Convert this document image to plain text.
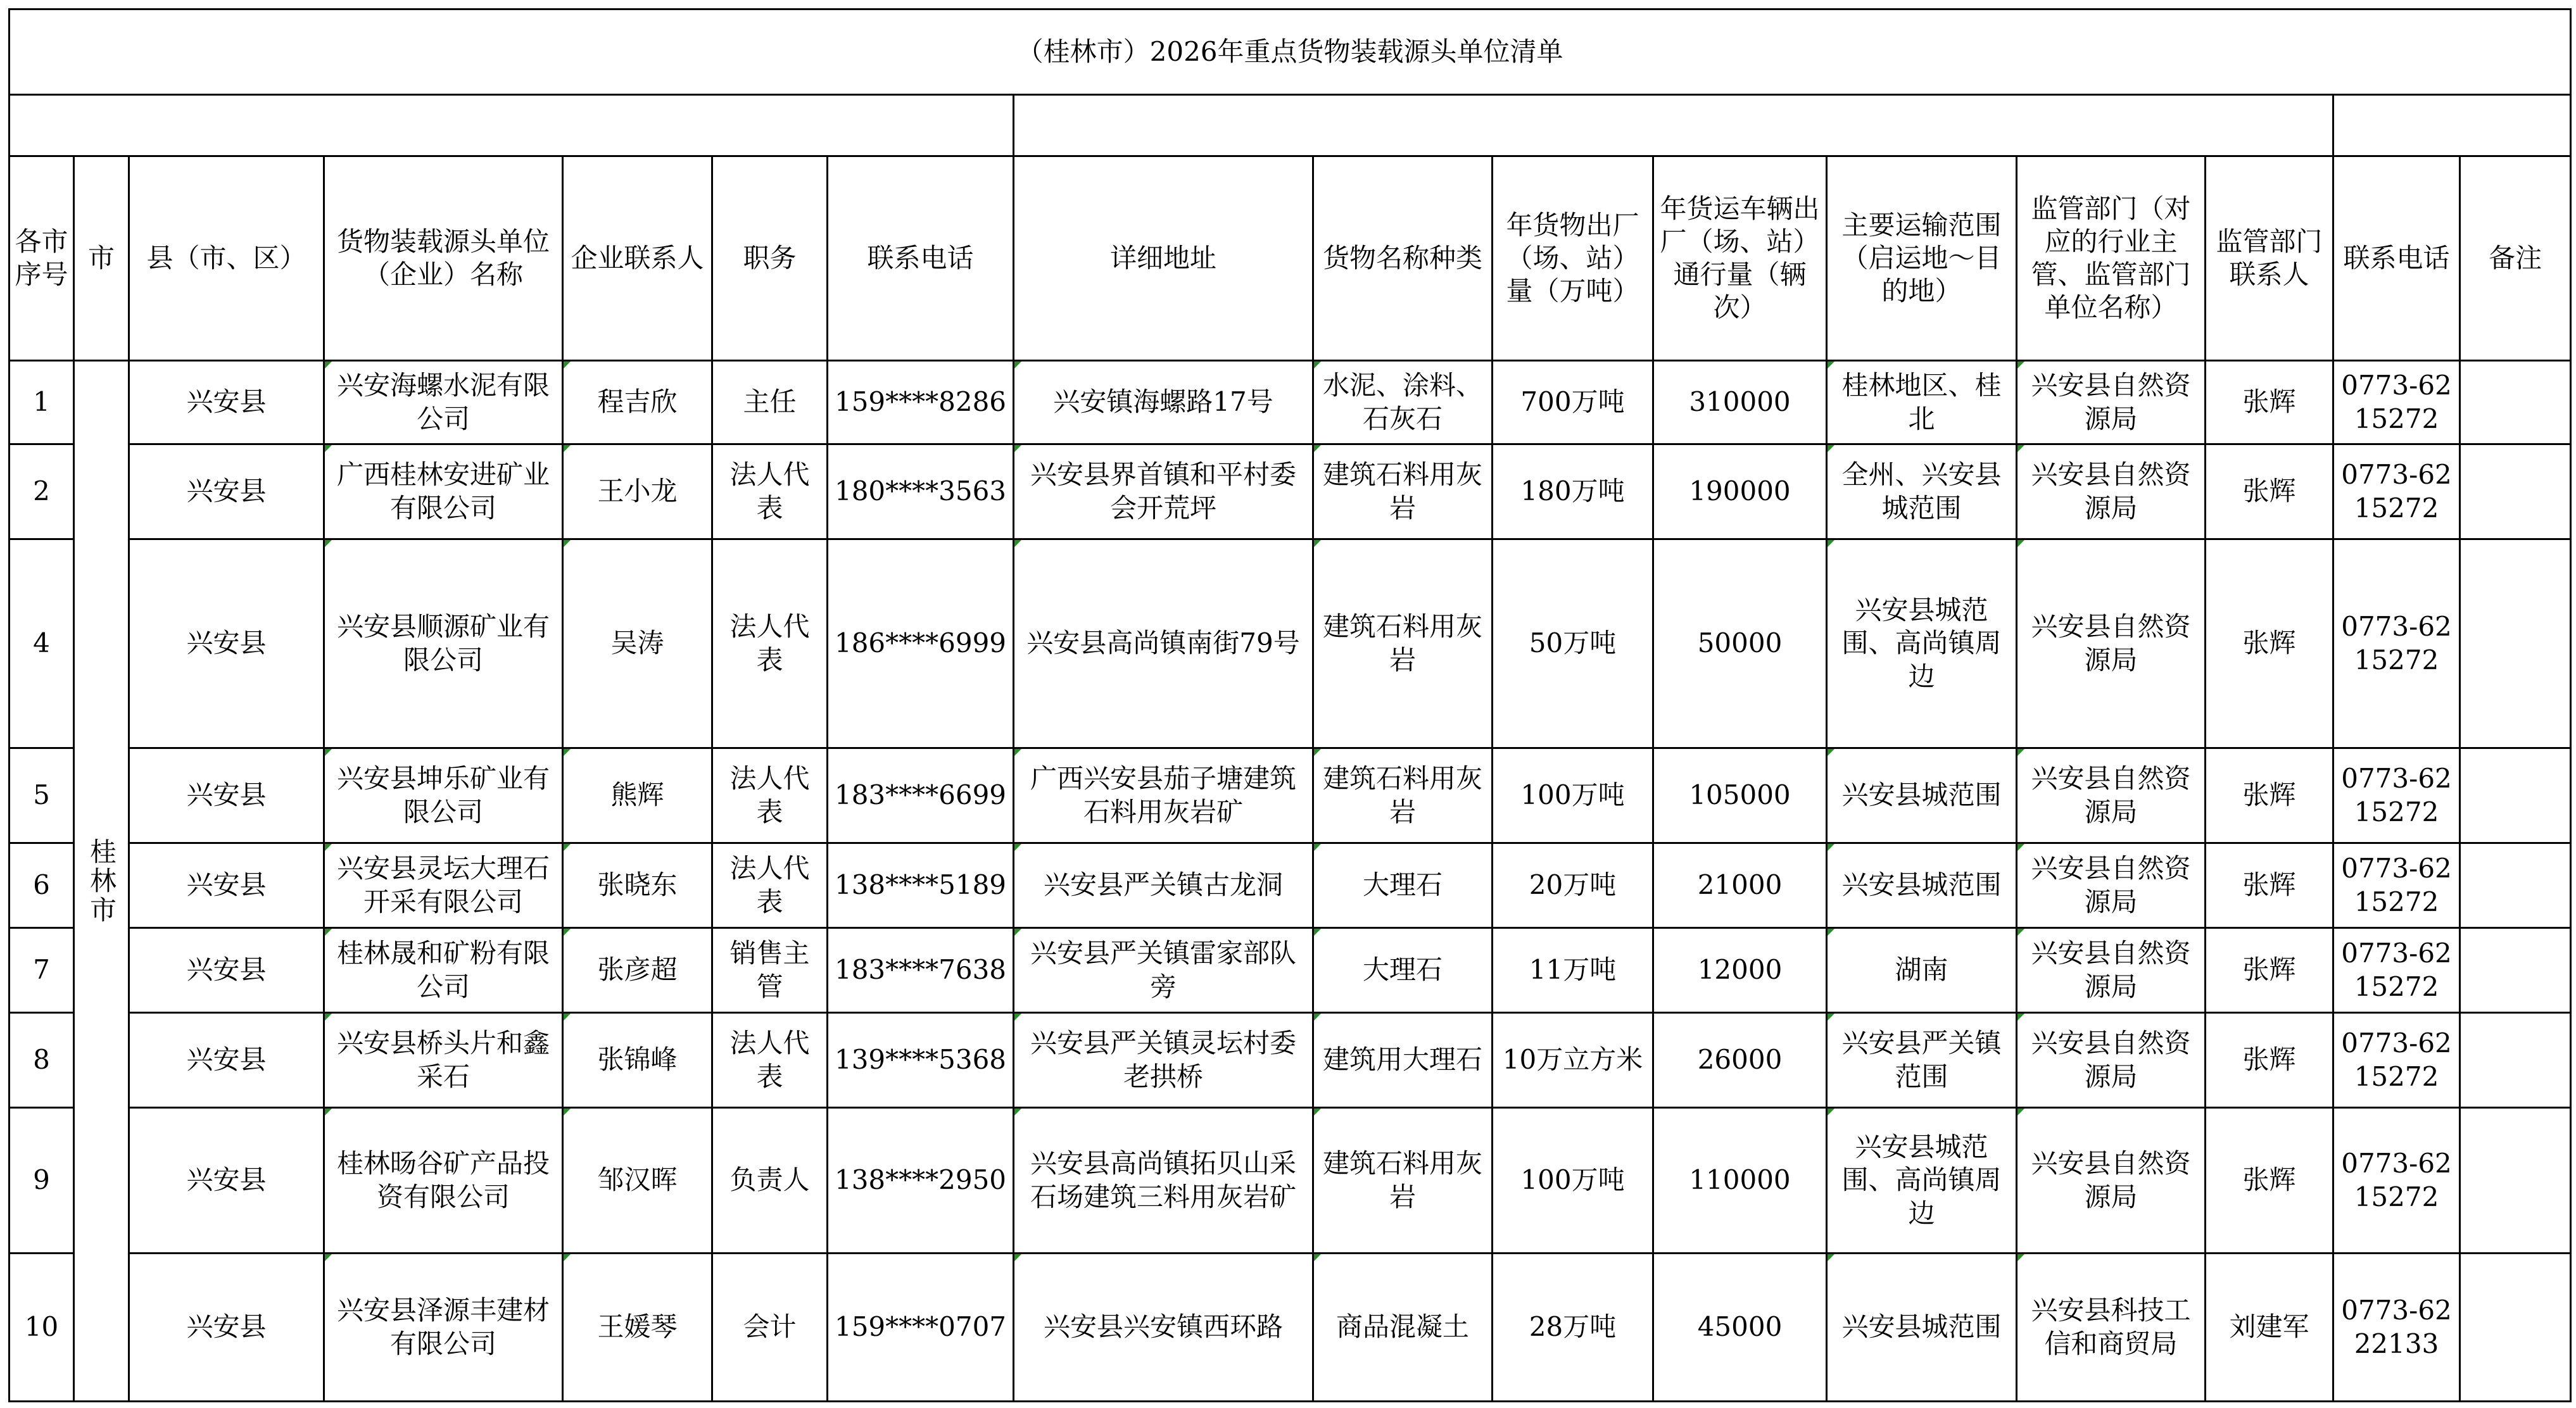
（桂林市）2026年重点货物装载源头单位清单															

各市序号	市	县（市、区）	货物装载源头单位（企业）名称	企业联系人	职务	联系电话	详细地址	货物名称种类	年货物出厂（场、站）量（万吨）	年货运车辆出厂（场、站）通行量（辆次）	主要运输范围（启运地～目的地）	监管部门（对应的行业主管、监管部门单位名称）	监管部门联系人	联系电话	备注
1	桂林市	兴安县	兴安海螺水泥有限公司	程吉欣	主任	159****8286	兴安镇海螺路17号	水泥、涂料、石灰石	700万吨	310000	桂林地区、桂北	兴安县自然资源局	张辉	0773-6215272	
2		兴安县	广西桂林安进矿业有限公司	王小龙	法人代表	180****3563	兴安县界首镇和平村委会开荒坪	建筑石料用灰岩	180万吨	190000	全州、兴安县城范围	兴安县自然资源局	张辉	0773-6215272	
4		兴安县	兴安县顺源矿业有限公司	吴涛	法人代表	186****6999	兴安县高尚镇南街79号	建筑石料用灰岩	50万吨	50000	兴安县城范围、高尚镇周边	兴安县自然资源局	张辉	0773-6215272	
5		兴安县	兴安县坤乐矿业有限公司	熊辉	法人代表	183****6699	广西兴安县茄子塘建筑石料用灰岩矿	建筑石料用灰岩	100万吨	105000	兴安县城范围	兴安县自然资源局	张辉	0773-6215272	
6		兴安县	兴安县灵坛大理石开采有限公司	张晓东	法人代表	138****5189	兴安县严关镇古龙洞	大理石	20万吨	21000	兴安县城范围	兴安县自然资源局	张辉	0773-6215272	
7		兴安县	桂林晟和矿粉有限公司	张彦超	销售主管	183****7638	兴安县严关镇雷家部队旁	大理石	11万吨	12000	湖南	兴安县自然资源局	张辉	0773-6215272	
8		兴安县	兴安县桥头片和鑫采石	张锦峰	法人代表	139****5368	兴安县严关镇灵坛村委老拱桥	建筑用大理石	10万立方米	26000	兴安县严关镇范围	兴安县自然资源局	张辉	0773-6215272	
9		兴安县	桂林旸谷矿产品投资有限公司	邹汉晖	负责人	138****2950	兴安县高尚镇拓贝山采石场建筑三料用灰岩矿	建筑石料用灰岩	100万吨	110000	兴安县城范围、高尚镇周边	兴安县自然资源局	张辉	0773-6215272	
10		兴安县	兴安县泽源丰建材有限公司	王媛琴	会计	159****0707	兴安县兴安镇西环路	商品混凝土	28万吨	45000	兴安县城范围	兴安县科技工信和商贸局	刘建军	0773-6222133	
